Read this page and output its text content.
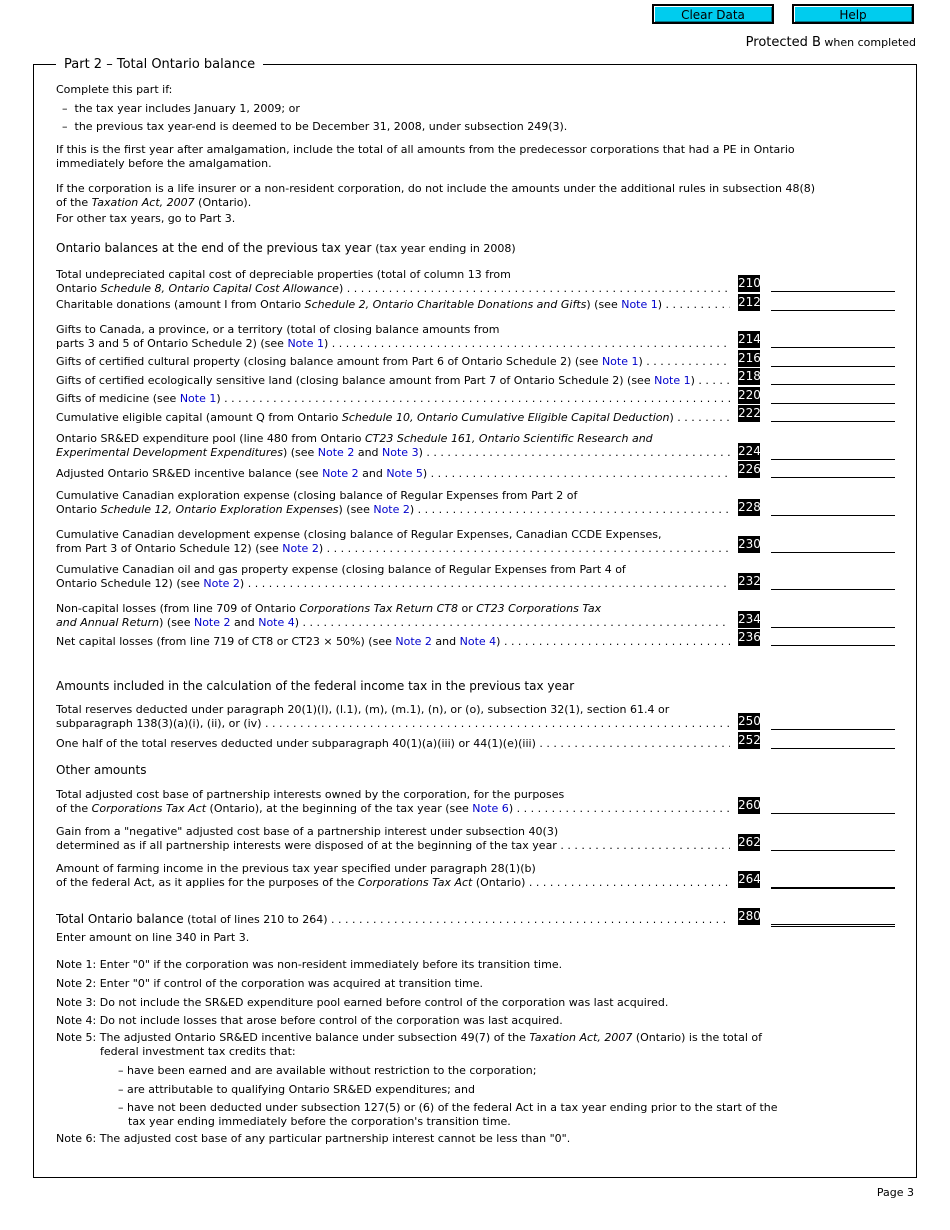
Clear Data	Help
Protected B when completed
Part 2 – Total Ontario balance
Complete this part if:
–  the tax year includes January 1, 2009; or
–  the previous tax year-end is deemed to be December 31, 2008, under subsection 249(3).
If this is the first year after amalgamation, include the total of all amounts from the predecessor corporations that had a PE in Ontario
immediately before the amalgamation.
If the corporation is a life insurer or a non-resident corporation, do not include the amounts under the additional rules in subsection 48(8)
of the Taxation Act, 2007 (Ontario).
For other tax years, go to Part 3.
Ontario balances at the end of the previous tax year (tax year ending in 2008)
Total undepreciated capital cost of depreciable properties (total of column 13 from
Ontario Schedule 8, Ontario Capital Cost Allowance) . . .	210
Charitable donations (amount I from Ontario Schedule 2, Ontario Charitable Donations and Gifts) (see Note 1) . . .	212
Gifts to Canada, a province, or a territory (total of closing balance amounts from
parts 3 and 5 of Ontario Schedule 2) (see Note 1) . . .	214
Gifts of certified cultural property (closing balance amount from Part 6 of Ontario Schedule 2) (see Note 1) . . .	216
Gifts of certified ecologically sensitive land (closing balance amount from Part 7 of Ontario Schedule 2) (see Note 1) . . .	218
Gifts of medicine (see Note 1) . . .	220
Cumulative eligible capital (amount Q from Ontario Schedule 10, Ontario Cumulative Eligible Capital Deduction) . . .	222
Ontario SR&ED expenditure pool (line 480 from Ontario CT23 Schedule 161, Ontario Scientific Research and
Experimental Development Expenditures) (see Note 2 and Note 3) . . .	224
Adjusted Ontario SR&ED incentive balance (see Note 2 and Note 5) . . .	226
Cumulative Canadian exploration expense (closing balance of Regular Expenses from Part 2 of
Ontario Schedule 12, Ontario Exploration Expenses) (see Note 2) . . .	228
Cumulative Canadian development expense (closing balance of Regular Expenses, Canadian CCDE Expenses,
from Part 3 of Ontario Schedule 12) (see Note 2) . . .	230
Cumulative Canadian oil and gas property expense (closing balance of Regular Expenses from Part 4 of
Ontario Schedule 12) (see Note 2) . . .	232
Non-capital losses (from line 709 of Ontario Corporations Tax Return CT8 or CT23 Corporations Tax
and Annual Return) (see Note 2 and Note 4) . . .	234
Net capital losses (from line 719 of CT8 or CT23 × 50%) (see Note 2 and Note 4) . . .	236
Amounts included in the calculation of the federal income tax in the previous tax year
Total reserves deducted under paragraph 20(1)(l), (l.1), (m), (m.1), (n), or (o), subsection 32(1), section 61.4 or
subparagraph 138(3)(a)(i), (ii), or (iv) . . .	250
One half of the total reserves deducted under subparagraph 40(1)(a)(iii) or 44(1)(e)(iii) . . .	252
Other amounts
Total adjusted cost base of partnership interests owned by the corporation, for the purposes
of the Corporations Tax Act (Ontario), at the beginning of the tax year (see Note 6) . . .	260
Gain from a "negative" adjusted cost base of a partnership interest under subsection 40(3)
determined as if all partnership interests were disposed of at the beginning of the tax year . . .	262
Amount of farming income in the previous tax year specified under paragraph 28(1)(b)
of the federal Act, as it applies for the purposes of the Corporations Tax Act (Ontario) . . .	264
Total Ontario balance (total of lines 210 to 264) . . .	280
Enter amount on line 340 in Part 3.
Note 1: Enter "0" if the corporation was non-resident immediately before its transition time.
Note 2: Enter "0" if control of the corporation was acquired at transition time.
Note 3: Do not include the SR&ED expenditure pool earned before control of the corporation was last acquired.
Note 4: Do not include losses that arose before control of the corporation was last acquired.
Note 5: The adjusted Ontario SR&ED incentive balance under subsection 49(7) of the Taxation Act, 2007 (Ontario) is the total of
federal investment tax credits that:
– have been earned and are available without restriction to the corporation;
– are attributable to qualifying Ontario SR&ED expenditures; and
– have not been deducted under subsection 127(5) or (6) of the federal Act in a tax year ending prior to the start of the
tax year ending immediately before the corporation's transition time.
Note 6: The adjusted cost base of any particular partnership interest cannot be less than "0".
Page 3
